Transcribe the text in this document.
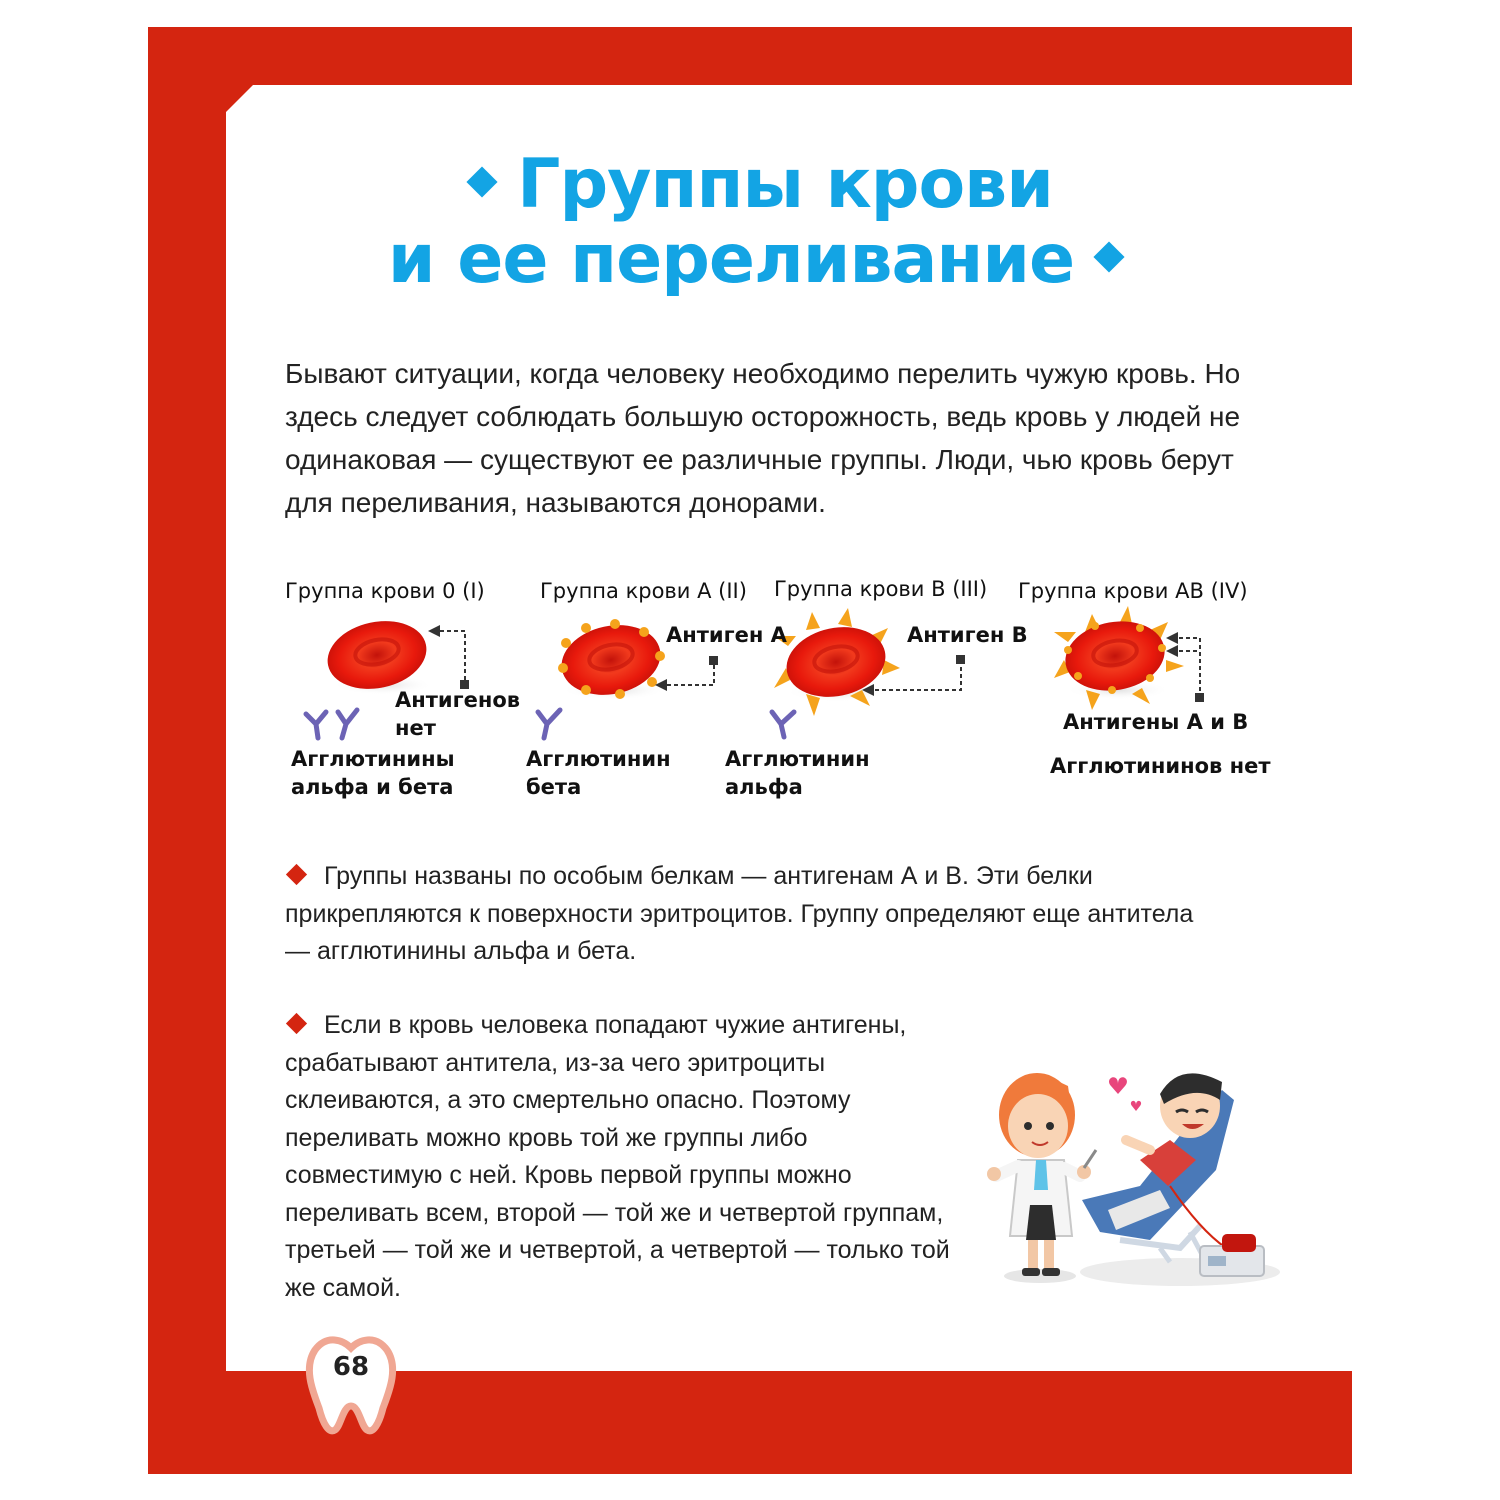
Группы крови
и ее переливание
Бывают ситуации, когда человеку необходимо перелить чужую кровь. Но здесь следует соблюдать большую осторожность, ведь кровь у людей не одинаковая — существуют ее различные группы. Люди, чью кровь берут для переливания, называются донорами.
Группа крови 0 (I)	Группа крови А (II) Группа крови В (III) Группа крови АВ (IV)
Антигенов
нет
Антиген А	Антиген В
Антигены А и В
Агглютинины
альфа и бета
Агглютинин
бета
Агглютинин
альфа
Агглютининов нет
Группы названы по особым белкам — антигенам А и В. Эти белки прикрепляются к поверхности эритроцитов. Группу определяют еще антитела — агглютинины альфа и бета.
Если в кровь человека попадают чужие антигены, срабатывают антитела, из-за чего эритроциты склеиваются, а это смертельно опасно. Поэтому переливать можно кровь той же группы либо совместимую с ней. Кровь первой группы можно переливать всем, второй — той же и четвертой группам, третьей — той же и четвертой, а четвертой — только той же самой.
68
